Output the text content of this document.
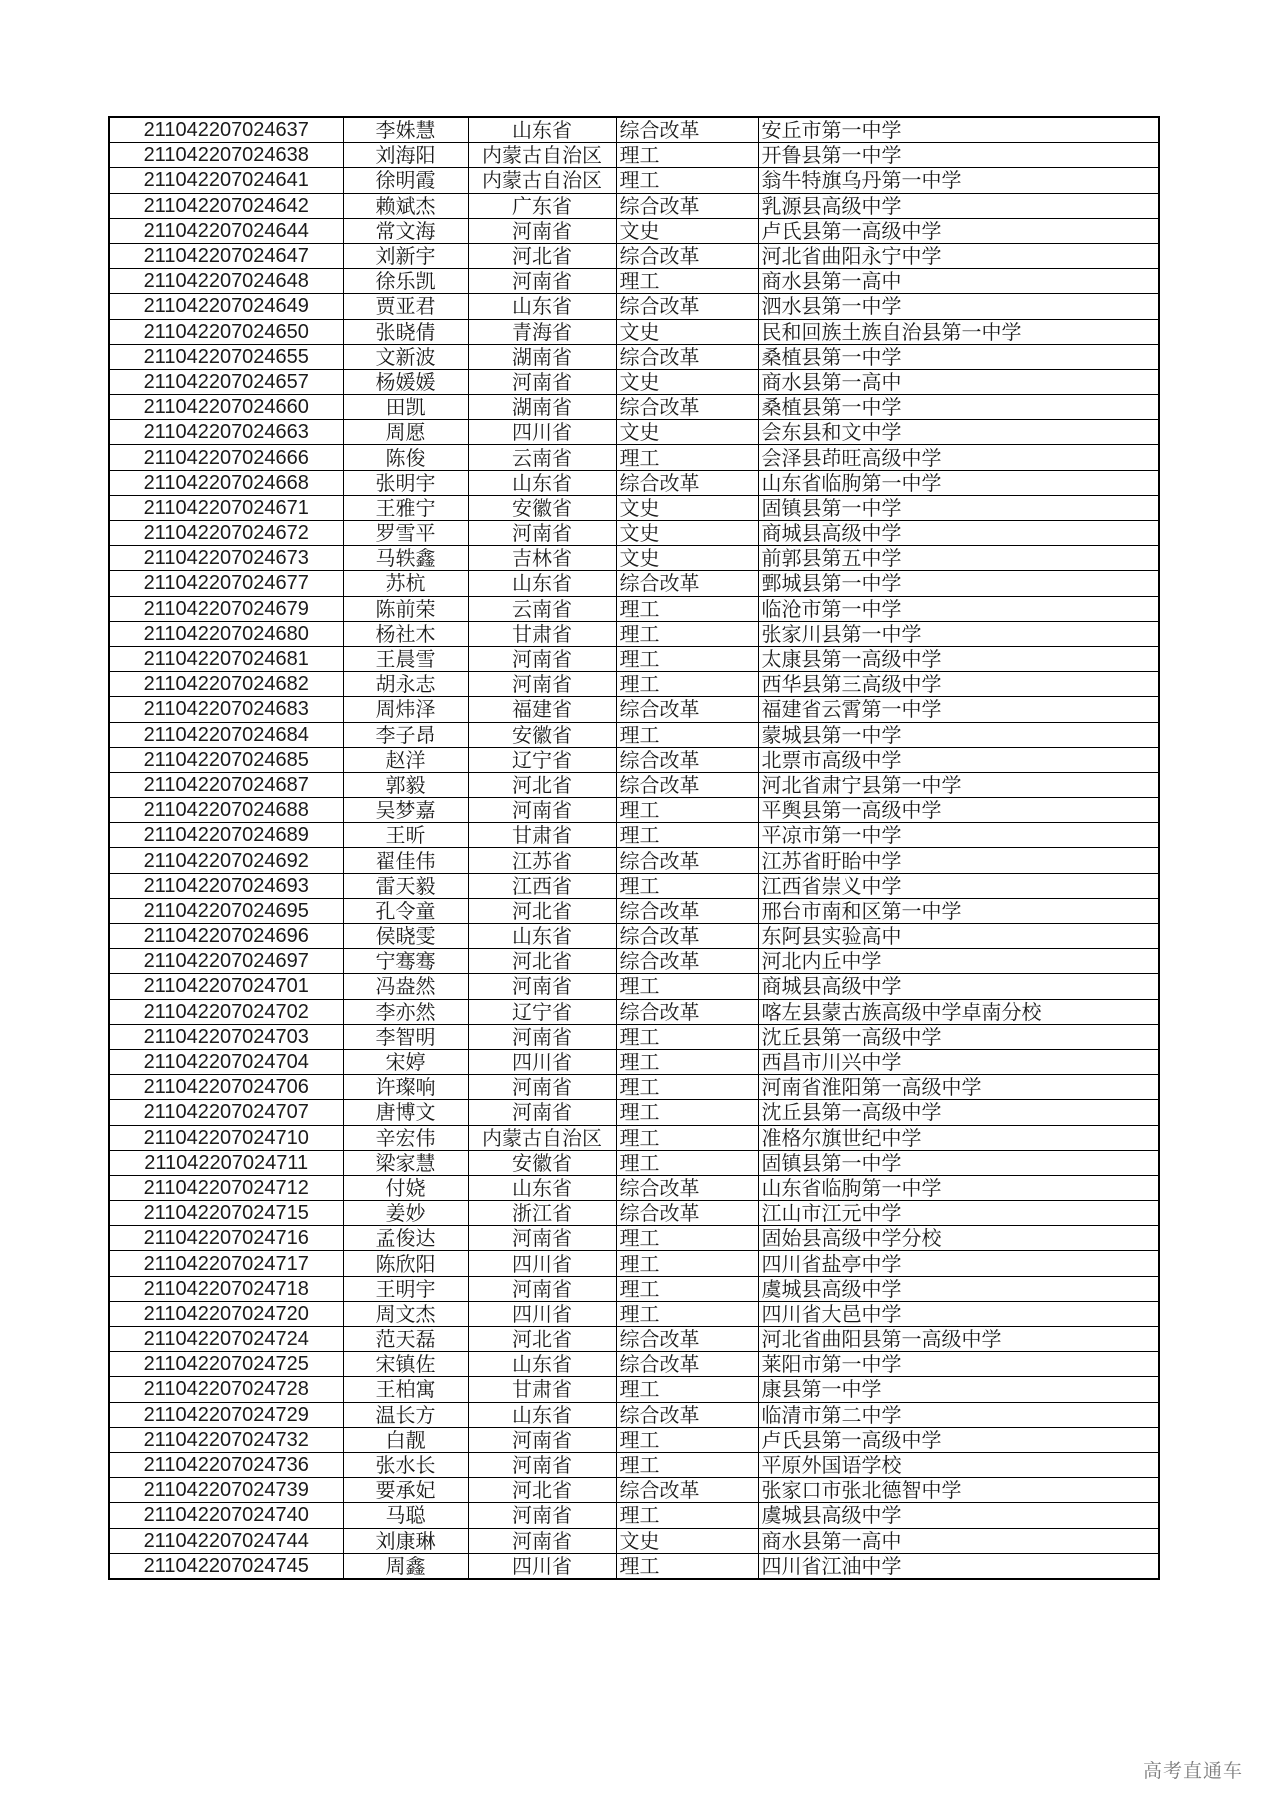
211042207024637	李姝慧	山东省	综合改革	安丘市第一中学
211042207024638	刘海阳	内蒙古自治区	理工	开鲁县第一中学
211042207024641	徐明霞	内蒙古自治区	理工	翁牛特旗乌丹第一中学
211042207024642	赖斌杰	广东省	综合改革	乳源县高级中学
211042207024644	常文海	河南省	文史	卢氏县第一高级中学
211042207024647	刘新宇	河北省	综合改革	河北省曲阳永宁中学
211042207024648	徐乐凯	河南省	理工	商水县第一高中
211042207024649	贾亚君	山东省	综合改革	泗水县第一中学
211042207024650	张晓倩	青海省	文史	民和回族土族自治县第一中学
211042207024655	文新波	湖南省	综合改革	桑植县第一中学
211042207024657	杨媛媛	河南省	文史	商水县第一高中
211042207024660	田凯	湖南省	综合改革	桑植县第一中学
211042207024663	周愿	四川省	文史	会东县和文中学
211042207024666	陈俊	云南省	理工	会泽县茚旺高级中学
211042207024668	张明宇	山东省	综合改革	山东省临朐第一中学
211042207024671	王雅宁	安徽省	文史	固镇县第一中学
211042207024672	罗雪平	河南省	文史	商城县高级中学
211042207024673	马轶鑫	吉林省	文史	前郭县第五中学
211042207024677	苏杭	山东省	综合改革	鄄城县第一中学
211042207024679	陈前荣	云南省	理工	临沧市第一中学
211042207024680	杨社木	甘肃省	理工	张家川县第一中学
211042207024681	王晨雪	河南省	理工	太康县第一高级中学
211042207024682	胡永志	河南省	理工	西华县第三高级中学
211042207024683	周炜泽	福建省	综合改革	福建省云霄第一中学
211042207024684	李子昂	安徽省	理工	蒙城县第一中学
211042207024685	赵洋	辽宁省	综合改革	北票市高级中学
211042207024687	郭毅	河北省	综合改革	河北省肃宁县第一中学
211042207024688	吴梦嘉	河南省	理工	平舆县第一高级中学
211042207024689	王昕	甘肃省	理工	平凉市第一中学
211042207024692	翟佳伟	江苏省	综合改革	江苏省盱眙中学
211042207024693	雷天毅	江西省	理工	江西省崇义中学
211042207024695	孔令童	河北省	综合改革	邢台市南和区第一中学
211042207024696	侯晓雯	山东省	综合改革	东阿县实验高中
211042207024697	宁骞骞	河北省	综合改革	河北内丘中学
211042207024701	冯盎然	河南省	理工	商城县高级中学
211042207024702	李亦然	辽宁省	综合改革	喀左县蒙古族高级中学卓南分校
211042207024703	李智明	河南省	理工	沈丘县第一高级中学
211042207024704	宋婷	四川省	理工	西昌市川兴中学
211042207024706	许璨响	河南省	理工	河南省淮阳第一高级中学
211042207024707	唐博文	河南省	理工	沈丘县第一高级中学
211042207024710	辛宏伟	内蒙古自治区	理工	准格尔旗世纪中学
211042207024711	梁家慧	安徽省	理工	固镇县第一中学
211042207024712	付娆	山东省	综合改革	山东省临朐第一中学
211042207024715	姜妙	浙江省	综合改革	江山市江元中学
211042207024716	孟俊达	河南省	理工	固始县高级中学分校
211042207024717	陈欣阳	四川省	理工	四川省盐亭中学
211042207024718	王明宇	河南省	理工	虞城县高级中学
211042207024720	周文杰	四川省	理工	四川省大邑中学
211042207024724	范天磊	河北省	综合改革	河北省曲阳县第一高级中学
211042207024725	宋镇佐	山东省	综合改革	莱阳市第一中学
211042207024728	王柏寓	甘肃省	理工	康县第一中学
211042207024729	温长方	山东省	综合改革	临清市第二中学
211042207024732	白靓	河南省	理工	卢氏县第一高级中学
211042207024736	张水长	河南省	理工	平原外国语学校
211042207024739	要承妃	河北省	综合改革	张家口市张北德智中学
211042207024740	马聪	河南省	理工	虞城县高级中学
211042207024744	刘康琳	河南省	文史	商水县第一高中
211042207024745	周鑫	四川省	理工	四川省江油中学
高考直通车
